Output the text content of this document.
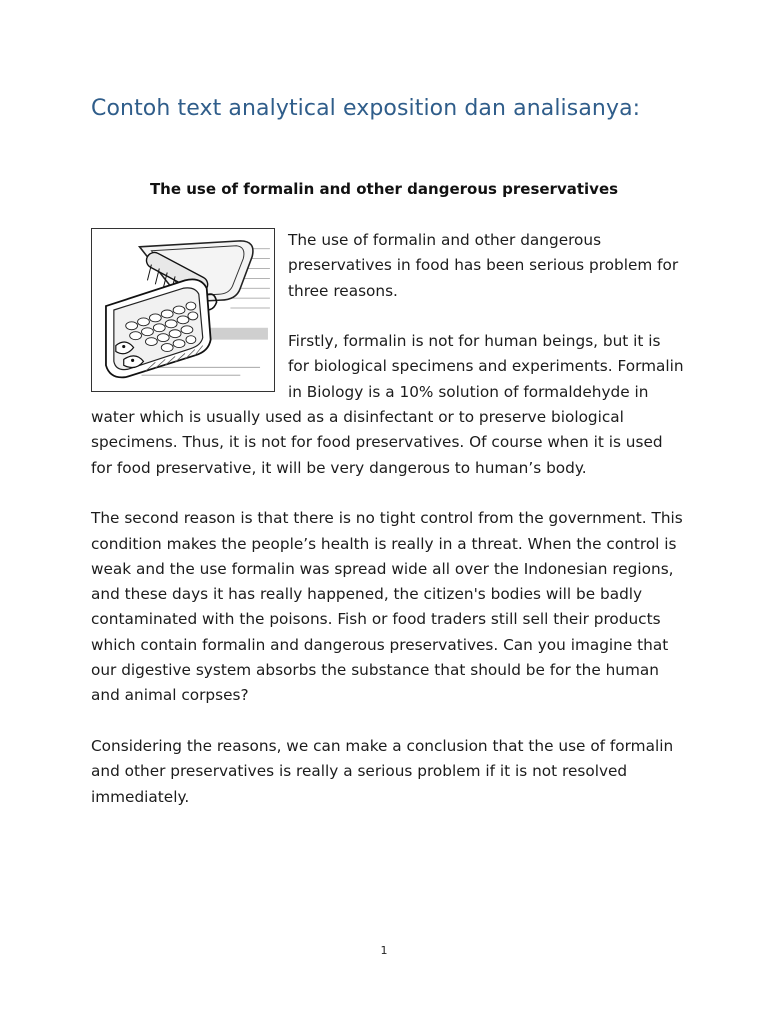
Contoh text analytical exposition dan analisanya:
The use of formalin and other dangerous preservatives

The use of formalin and other dangerous preservatives in food has been serious problem for three reasons.

Firstly, formalin is not for human beings, but it is for biological specimens and experiments. Formalin in Biology is a 10% solution of formaldehyde in water which is usually used as a disinfectant or to preserve biological specimens. Thus, it is not for food preservatives. Of course when it is used for food preservative, it will be very dangerous to human’s body.

The second reason is that there is no tight control from the government. This condition makes the people’s health is really in a threat. When the control is weak and the use formalin was spread wide all over the Indonesian regions, and these days it has really happened, the citizen's bodies will be badly contaminated with the poisons. Fish or food traders still sell their products which contain formalin and dangerous preservatives. Can you imagine that our digestive system absorbs the substance that should be for the human and animal corpses?

Considering the reasons, we can make a conclusion that the use of formalin and other preservatives is really a serious problem if it is not resolved immediately.

1
